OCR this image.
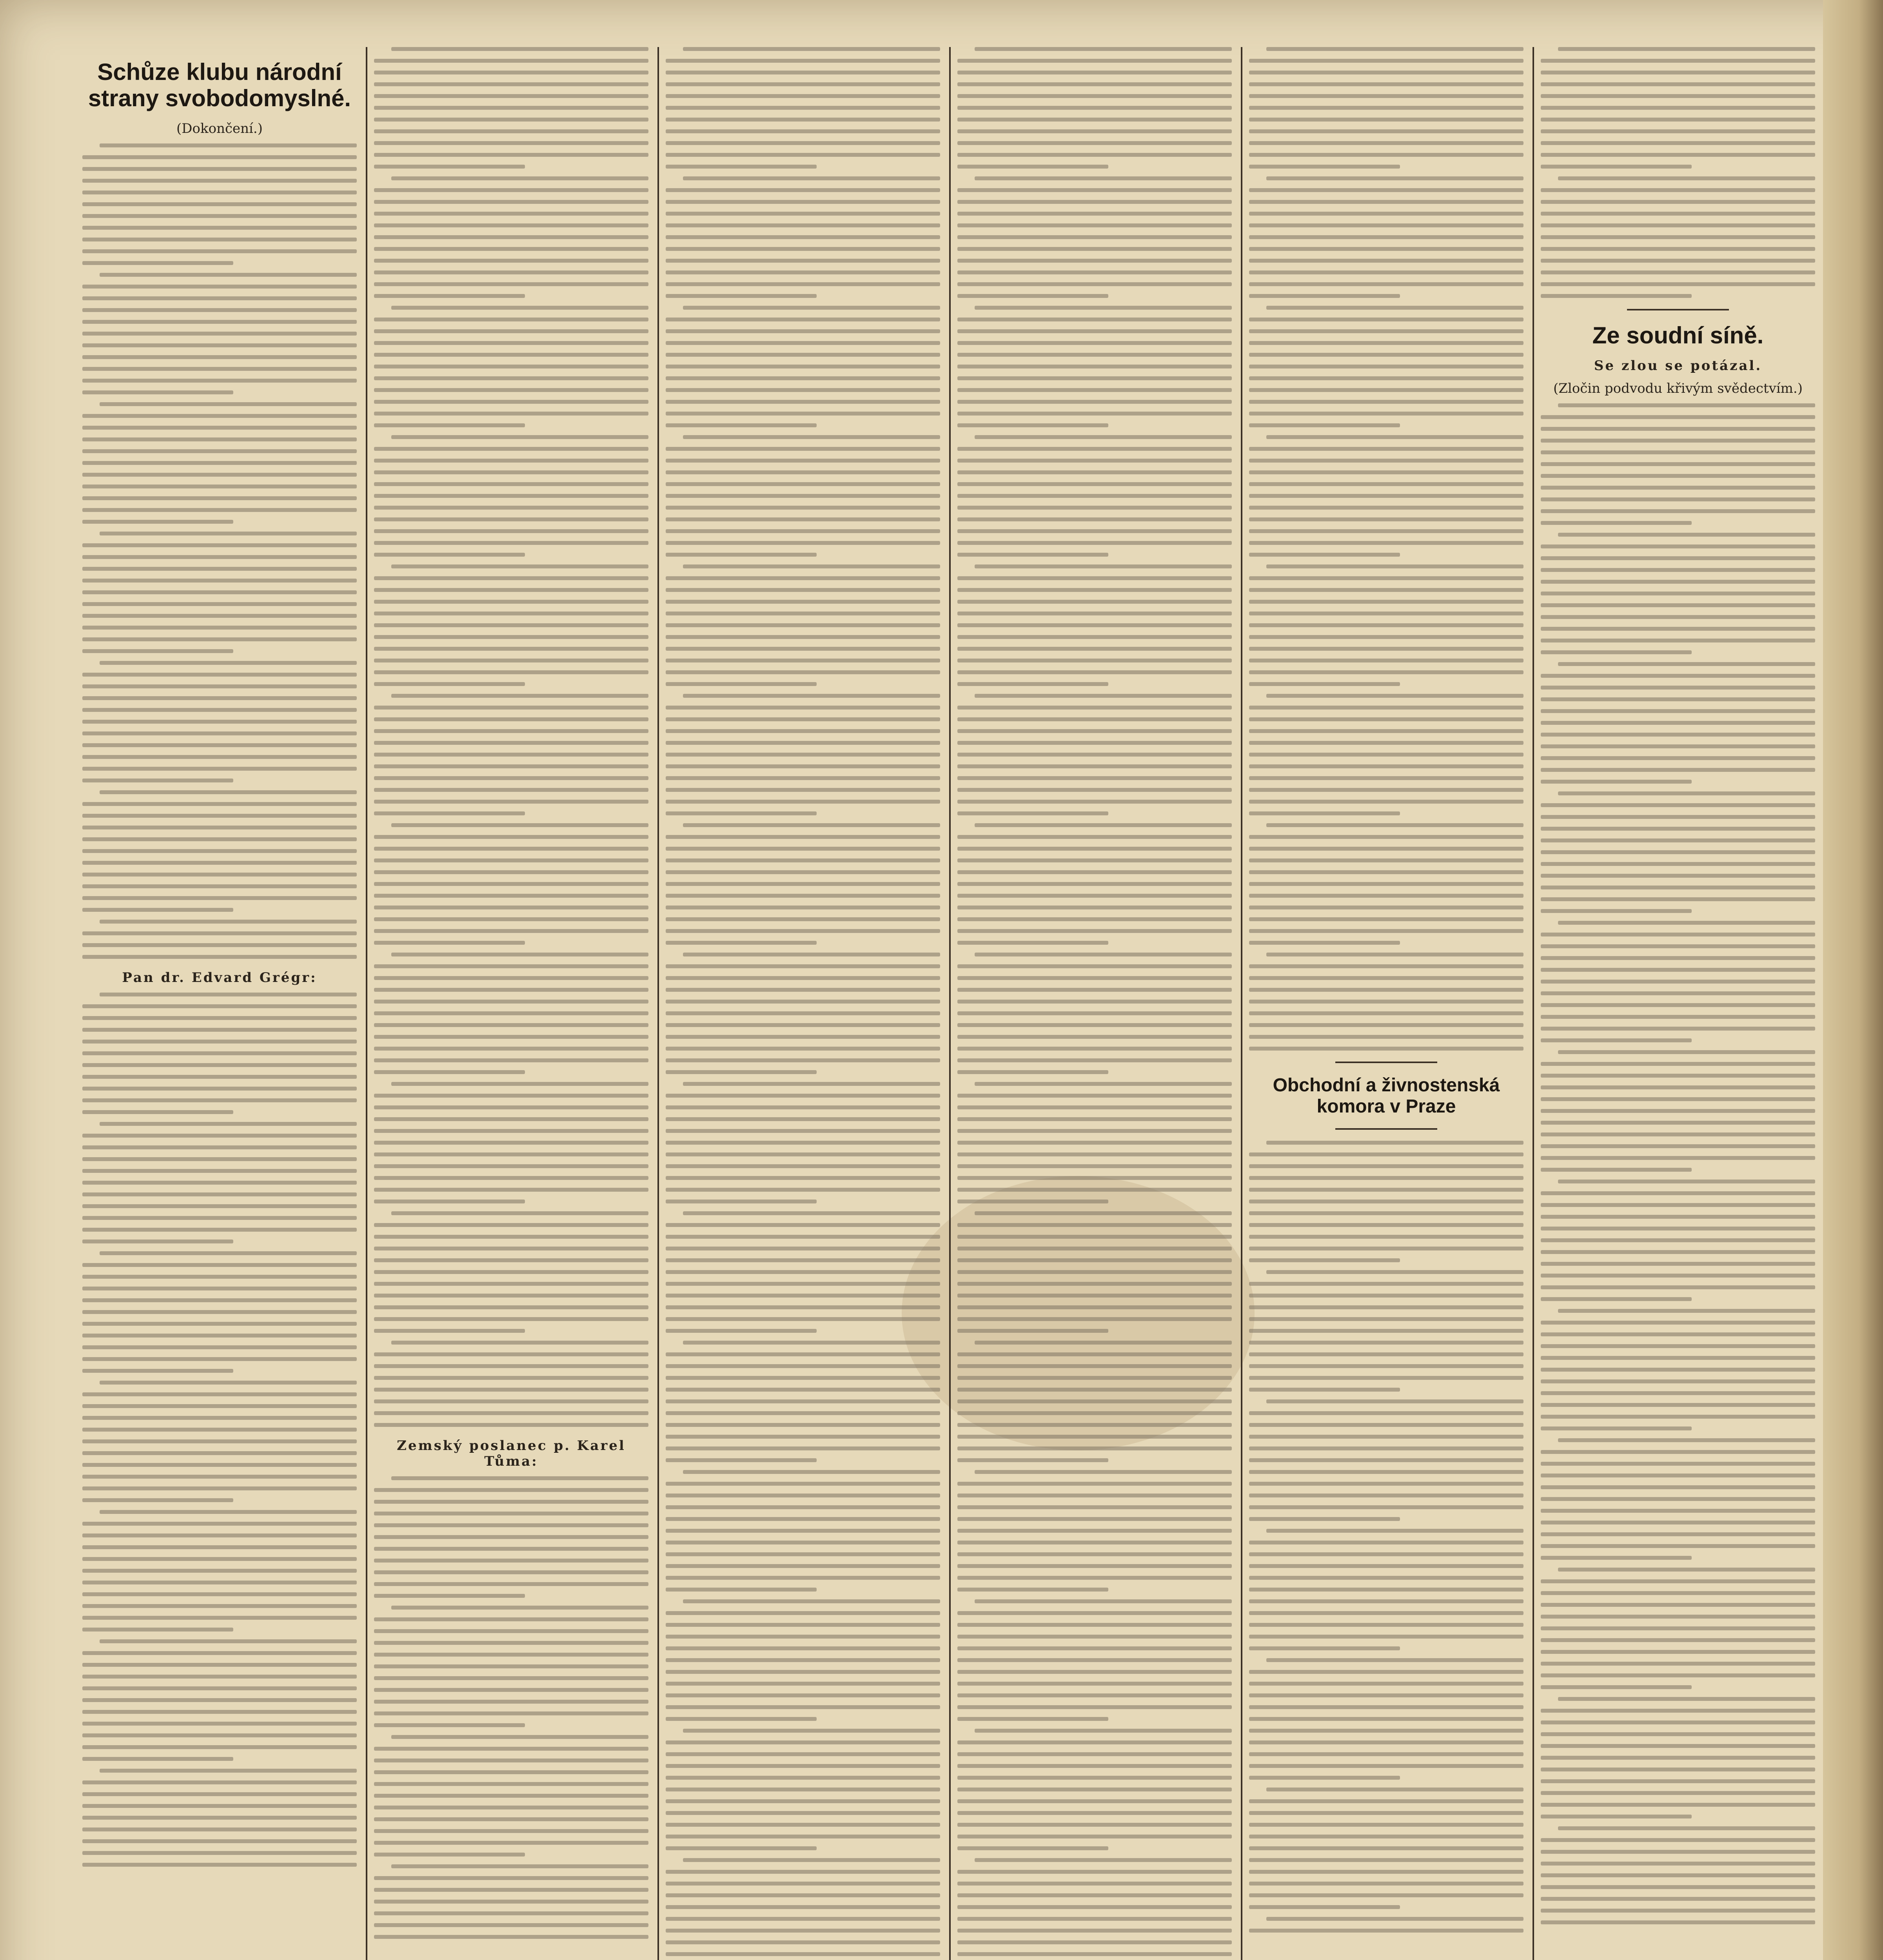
Schůze klubu národní strany svobodomyslné.
(Dokončení.)
Pan dr. Edvard Grégr:
Zemský poslanec p. Karel Tůma:
Obchodní a živnostenská komora v Praze
Ze soudní síně.
Se zlou se potázal.
(Zločin podvodu křivým svědectvím.)
